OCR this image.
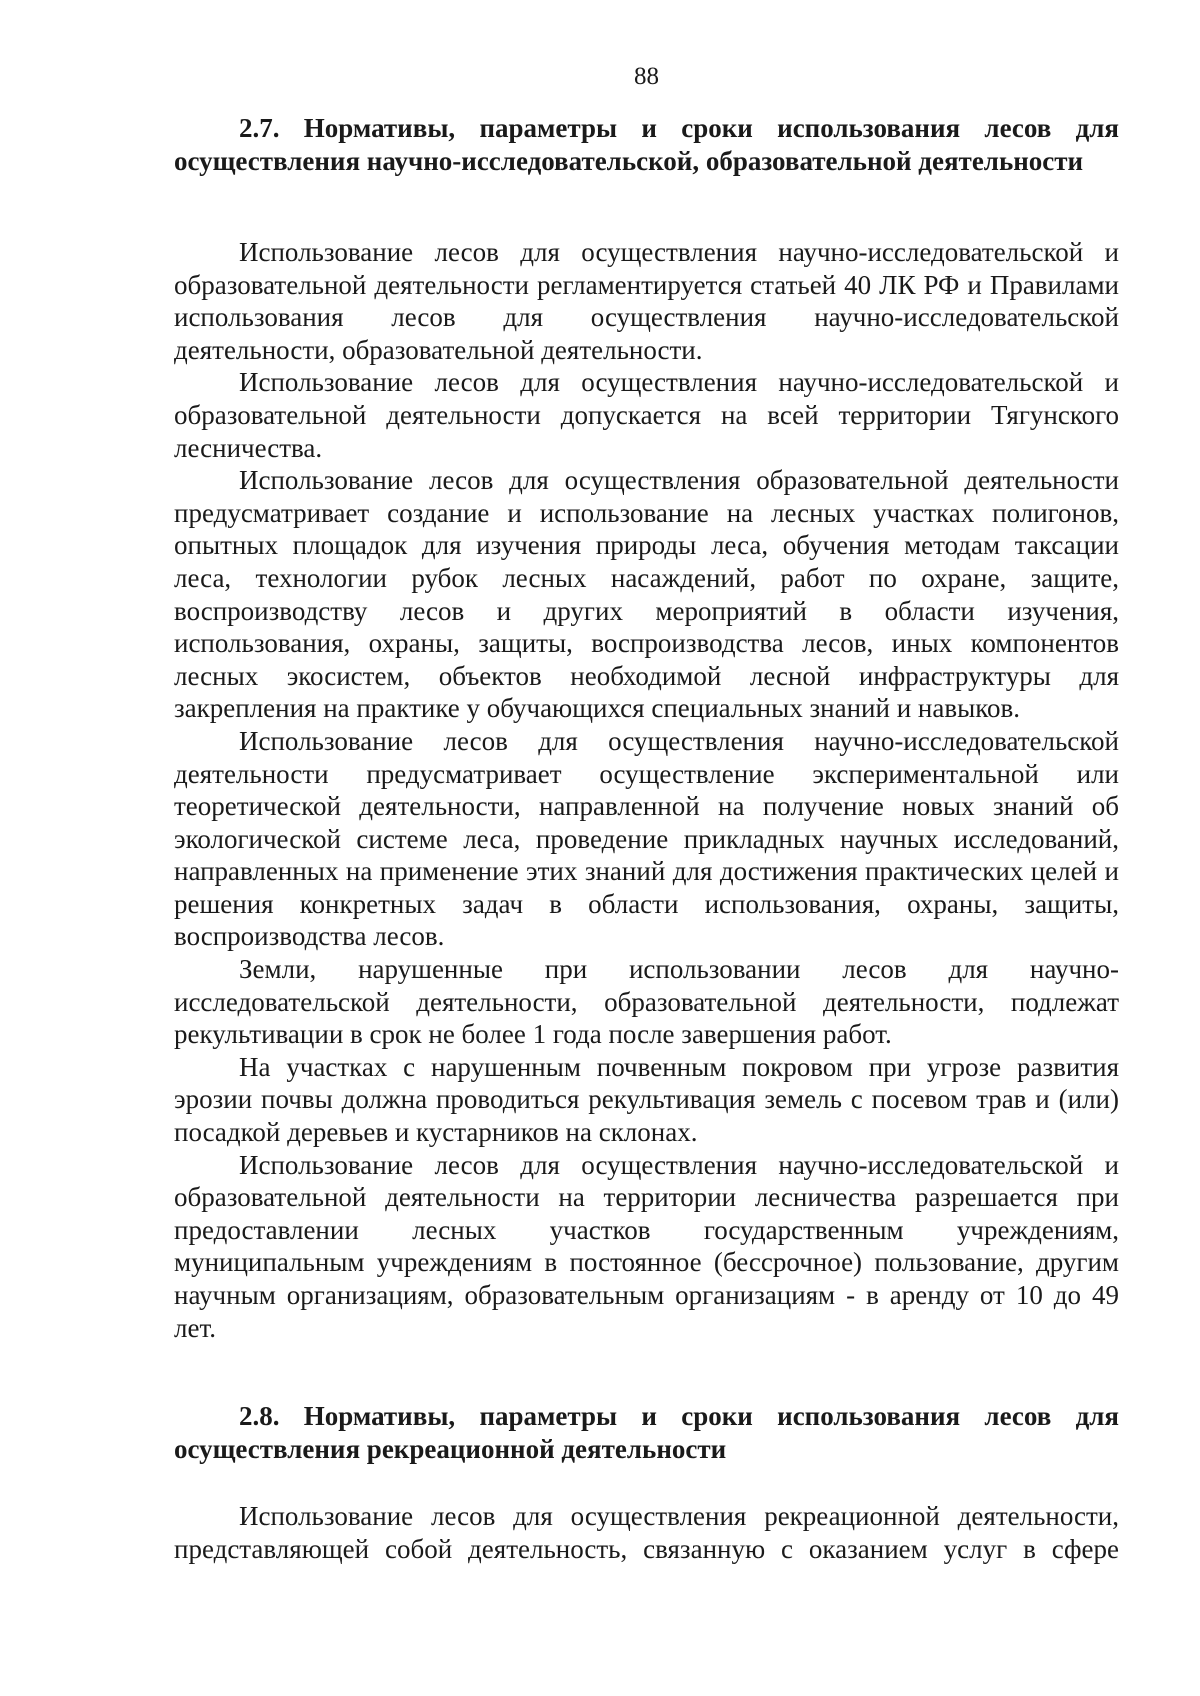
88
2.7. Нормативы, параметры и сроки использования лесов для осуществления научно-исследовательской, образовательной деятельности

Использование лесов для осуществления научно-исследовательской и образовательной деятельности регламентируется статьей 40 ЛК РФ и Правилами использования лесов для осуществления научно-исследовательской деятельности, образовательной деятельности.

Использование лесов для осуществления научно-исследовательской и образовательной деятельности допускается на всей территории Тягунского лесничества.

Использование лесов для осуществления образовательной деятельности предусматривает создание и использование на лесных участках полигонов, опытных площадок для изучения природы леса, обучения методам таксации леса, технологии рубок лесных насаждений, работ по охране, защите, воспроизводству лесов и других мероприятий в области изучения, использования, охраны, защиты, воспроизводства лесов, иных компонентов лесных экосистем, объектов необходимой лесной инфраструктуры для закрепления на практике у обучающихся специальных знаний и навыков.

Использование лесов для осуществления научно-исследовательской деятельности предусматривает осуществление экспериментальной или теоретической деятельности, направленной на получение новых знаний об экологической системе леса, проведение прикладных научных исследований, направленных на применение этих знаний для достижения практических целей и решения конкретных задач в области использования, охраны, защиты, воспроизводства лесов.

Земли, нарушенные при использовании лесов для научно-исследовательской деятельности, образовательной деятельности, подлежат рекультивации в срок не более 1 года после завершения работ.

На участках с нарушенным почвенным покровом при угрозе развития эрозии почвы должна проводиться рекультивация земель с посевом трав и (или) посадкой деревьев и кустарников на склонах.

Использование лесов для осуществления научно-исследовательской и образовательной деятельности на территории лесничества разрешается при предоставлении лесных участков государственным учреждениям, муниципальным учреждениям в постоянное (бессрочное) пользование, другим научным организациям, образовательным организациям - в аренду от 10 до 49 лет.

2.8. Нормативы, параметры и сроки использования лесов для осуществления рекреационной деятельности

Использование лесов для осуществления рекреационной деятельности, представляющей собой деятельность, связанную с оказанием услуг в сфере
